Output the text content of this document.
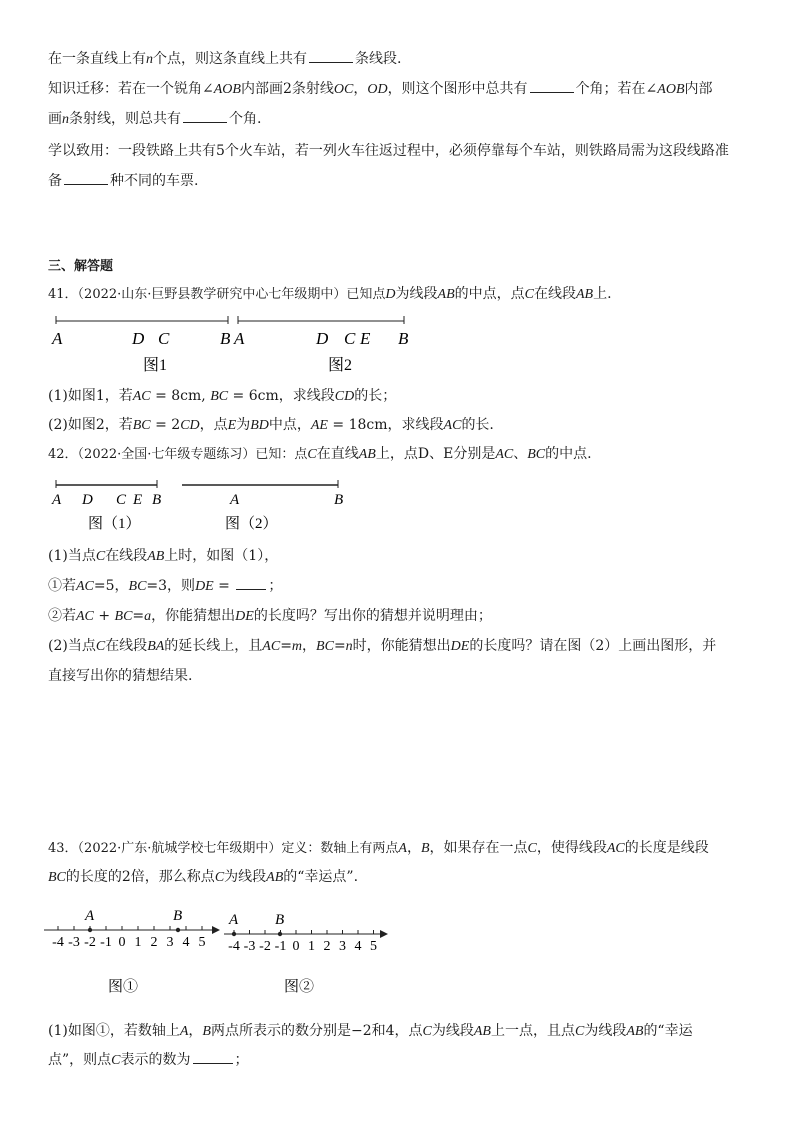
在一条直线上有n个点，则这条直线上共有	条线段.
知识迁移：若在一个锐角∠AOB内部画2条射线OC，OD，则这个图形中总共有	个角；若在∠AOB内部
画n条射线，则总共有	个角.
学以致用：一段铁路上共有5个火车站，若一列火车往返过程中，必须停靠每个车站，则铁路局需为这段线路准
备	种不同的车票.
三、解答题
41．（2022·山东·巨野县教学研究中心七年级期中）已知点D为线段AB的中点，点C在线段AB上.
A	D C	B
图1
A	D C E B
图2
(1)如图1，若AC = 8cm, BC = 6cm，求线段CD的长；
(2)如图2，若BC = 2CD，点E为BD中点，AE = 18cm，求线段AC的长.
42．（2022·全国·七年级专题练习）已知：点C在直线AB上，点D、E分别是AC、BC的中点.
A D C E B
图（1）
A	B
图（2）
(1)当点C在线段AB上时，如图（1），
①若AC=5，BC=3，则DE = ；
②若AC + BC=a，你能猜想出DE的长度吗？写出你的猜想并说明理由；
(2)当点C在线段BA的延长线上，且AC=m，BC=n时，你能猜想出DE的长度吗？请在图（2）上画出图形，并
直接写出你的猜想结果.
43．（2022·广东·航城学校七年级期中）定义：数轴上有两点A，B，如果存在一点C，使得线段AC的长度是线段
BC的长度的2倍，那么称点C为线段AB的“幸运点”.
-4 -3 -2 -1 0 1 2 3 4 5
A	B
图①
-4 -3 -2 -1 0 1 2 3 4 5
A B
图②
(1)如图①，若数轴上A，B两点所表示的数分别是−2和4，点C为线段AB上一点，且点C为线段AB的“幸运
点”，则点C表示的数为	；
